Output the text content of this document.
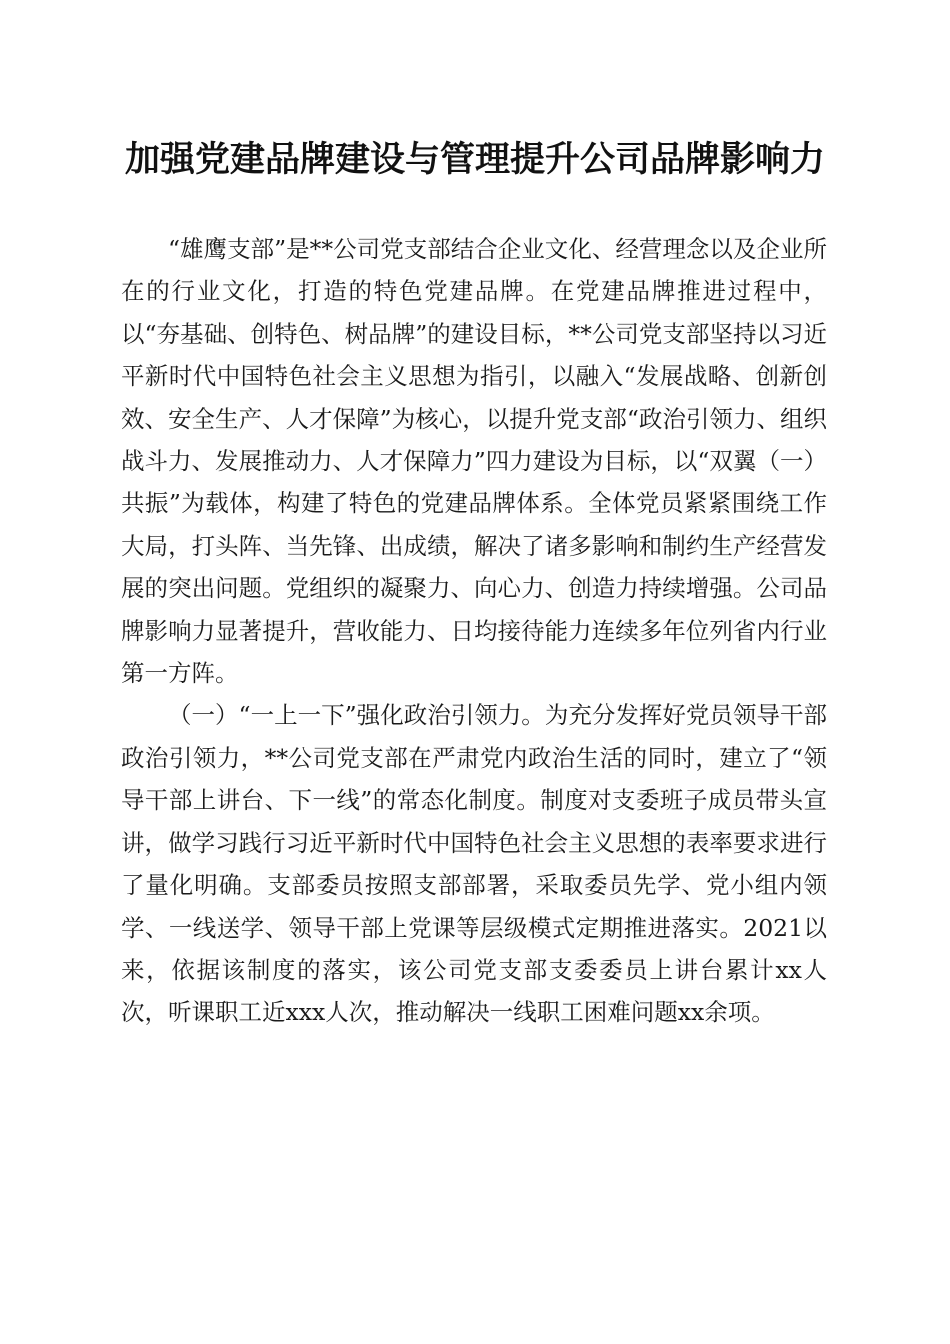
加强党建品牌建设与管理提升公司品牌影响力

“雄鹰支部”是**公司党支部结合企业文化、经营理念以及企业所在的行业文化，打造的特色党建品牌。在党建品牌推进过程中，以“夯基础、创特色、树品牌”的建设目标，**公司党支部坚持以习近平新时代中国特色社会主义思想为指引，以融入“发展战略、创新创效、安全生产、人才保障”为核心，以提升党支部“政治引领力、组织战斗力、发展推动力、人才保障力”四力建设为目标，以“双翼（一）共振”为载体，构建了特色的党建品牌体系。全体党员紧紧围绕工作大局，打头阵、当先锋、出成绩，解决了诸多影响和制约生产经营发展的突出问题。党组织的凝聚力、向心力、创造力持续增强。公司品牌影响力显著提升，营收能力、日均接待能力连续多年位列省内行业第一方阵。

（一）“一上一下”强化政治引领力。为充分发挥好党员领导干部政治引领力，**公司党支部在严肃党内政治生活的同时，建立了“领导干部上讲台、下一线”的常态化制度。制度对支委班子成员带头宣讲，做学习践行习近平新时代中国特色社会主义思想的表率要求进行了量化明确。支部委员按照支部部署，采取委员先学、党小组内领学、一线送学、领导干部上党课等层级模式定期推进落实。2021以来，依据该制度的落实，该公司党支部支委委员上讲台累计xx人次，听课职工近xxx人次，推动解决一线职工困难问题xx余项。
